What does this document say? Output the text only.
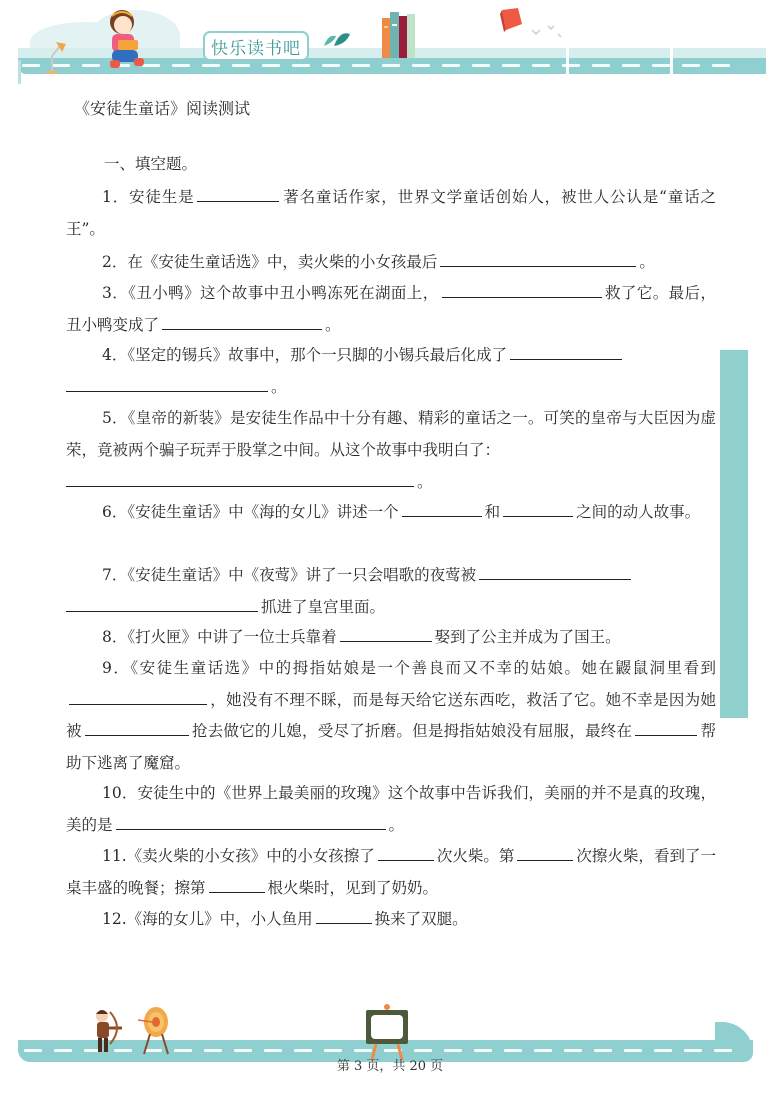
快乐读书吧
《安徒生童话》阅读测试
一、填空题。
1．安徒生是	著名童话作家，世界文学童话创始人，被世人公认是“童话之王”。
2．在《安徒生童话选》中，卖火柴的小女孩最后	。
3．《丑小鸭》这个故事中丑小鸭冻死在湖面上，	救了它。最后，丑小鸭变成了	。
4．《坚定的锡兵》故事中，那个一只脚的小锡兵最后化成了
。
5．《皇帝的新装》是安徒生作品中十分有趣、精彩的童话之一。可笑的皇帝与大臣因为虚荣，竟被两个骗子玩弄于股掌之中间。从这个故事中我明白了：
。
6．《安徒生童话》中《海的女儿》讲述一个	和	之间的动人故事。
7．《安徒生童话》中《夜莺》讲了一只会唱歌的夜莺被
抓进了皇宫里面。
8．《打火匣》中讲了一位士兵靠着	娶到了公主并成为了国王。
9．《安徒生童话选》中的拇指姑娘是一个善良而又不幸的姑娘。她在鼹鼠洞里看到，她没有不理不睬，而是每天给它送东西吃，救活了它。她不幸是因为她被	抢去做它的儿媳，受尽了折磨。但是拇指姑娘没有屈服，最终在	帮助下逃离了魔窟。
10．安徒生中的《世界上最美丽的玫瑰》这个故事中告诉我们，美丽的并不是真的玫瑰，美的是	。
11.《卖火柴的小女孩》中的小女孩擦了	次火柴。第	次擦火柴，看到了一桌丰盛的晚餐；擦第	根火柴时，见到了奶奶。
12.《海的女儿》中，小人鱼用	换来了双腿。
第 3 页，共 20 页
